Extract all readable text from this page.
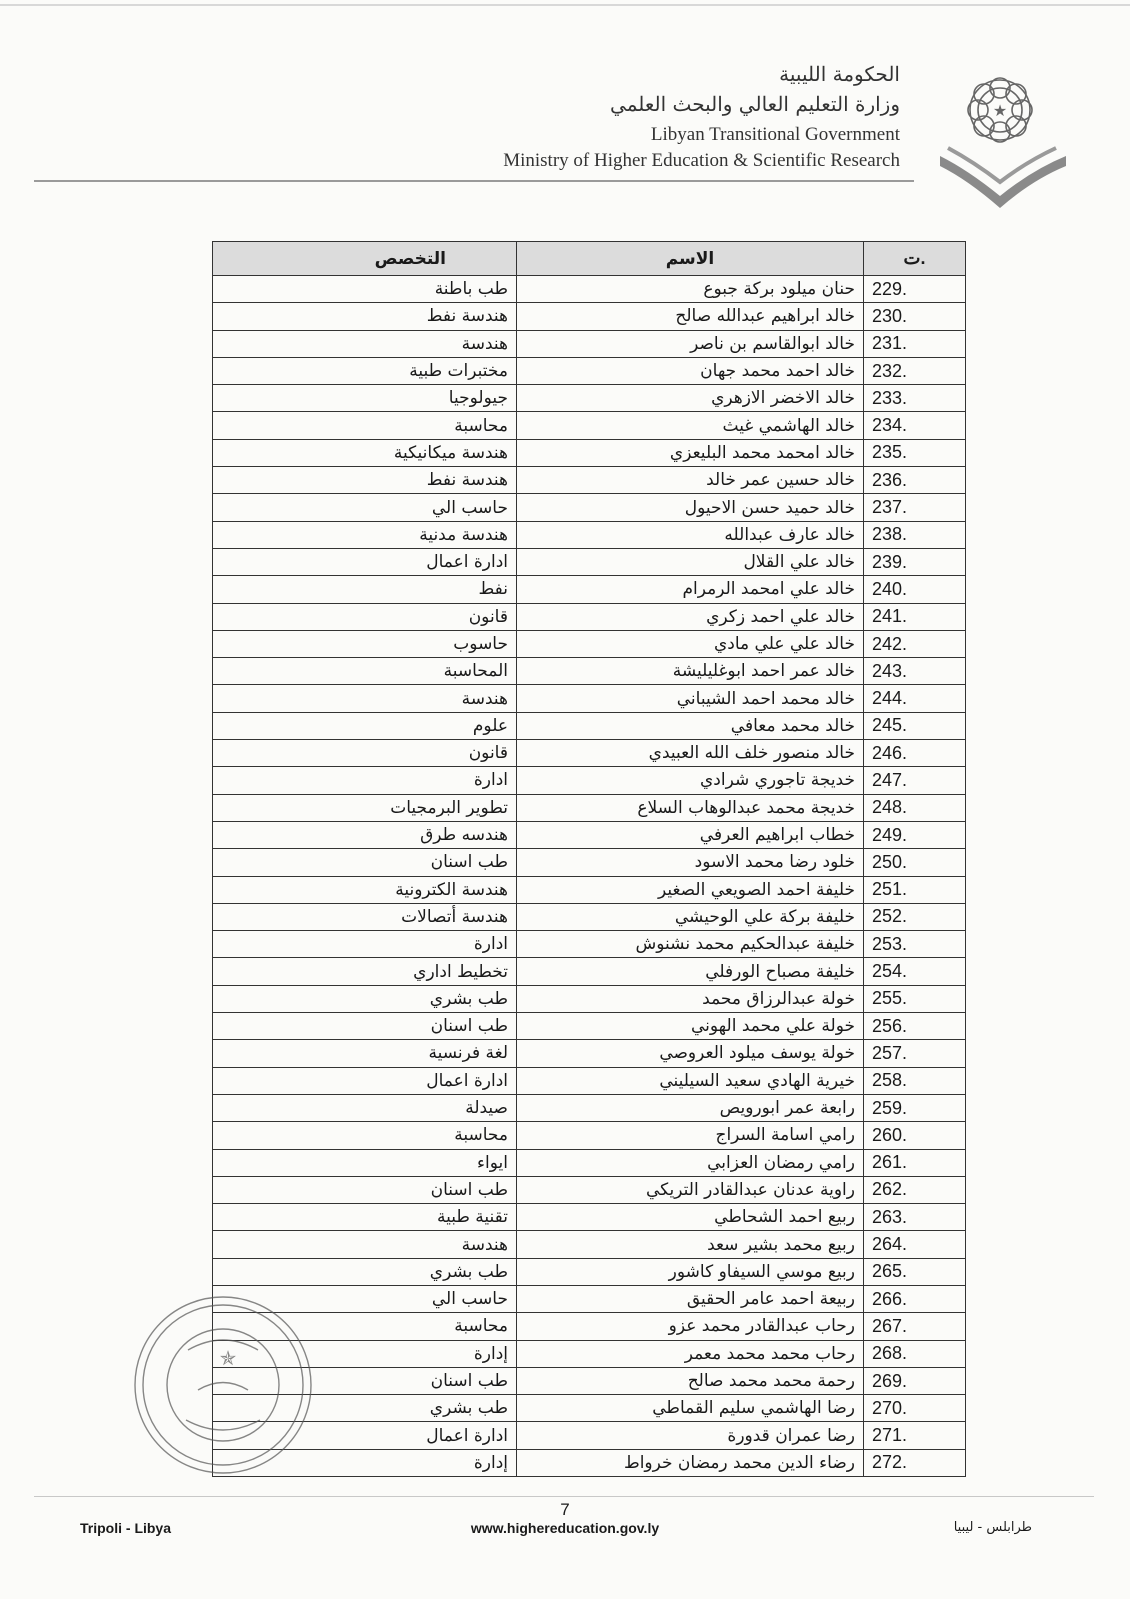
الحكومة الليبية
وزارة التعليم العالي والبحث العلمي
Libyan Transitional Government
Ministry of Higher Education & Scientific Research
★
التخصص	الاسم	ت.
طب باطنة	حنان ميلود بركة جبوع	229.
هندسة نفط	خالد ابراهيم عبدالله صالح	230.
هندسة	خالد ابوالقاسم بن ناصر	231.
مختبرات طبية	خالد احمد محمد جهان	232.
جيولوجيا	خالد الاخضر الازهري	233.
محاسبة	خالد الهاشمي غيث	234.
هندسة ميكانيكية	خالد امحمد محمد البليعزي	235.
هندسة نفط	خالد حسين عمر خالد	236.
حاسب الي	خالد حميد حسن الاحيول	237.
هندسة مدنية	خالد عارف عبدالله	238.
ادارة اعمال	خالد علي القلال	239.
نفط	خالد علي امحمد الرمرام	240.
قانون	خالد علي احمد زكري	241.
حاسوب	خالد علي علي مادي	242.
المحاسبة	خالد عمر احمد ابوغليليشة	243.
هندسة	خالد محمد احمد الشيباني	244.
علوم	خالد محمد معافي	245.
قانون	خالد منصور خلف الله العبيدي	246.
ادارة	خديجة تاجوري شرادي	247.
تطوير البرمجيات	خديجة محمد عبدالوهاب السلاع	248.
هندسه طرق	خطاب ابراهيم العرفي	249.
طب اسنان	خلود رضا محمد الاسود	250.
هندسة الكترونية	خليفة احمد الصويعي الصغير	251.
هندسة أتصالات	خليفة بركة علي الوحيشي	252.
ادارة	خليفة عبدالحكيم محمد نشنوش	253.
تخطيط اداري	خليفة مصباح الورفلي	254.
طب بشري	خولة عبدالرزاق محمد	255.
طب اسنان	خولة علي محمد الهوني	256.
لغة فرنسية	خولة يوسف ميلود العروصي	257.
ادارة اعمال	خيرية الهادي سعيد السيليني	258.
صيدلة	رابعة عمر ابورويص	259.
محاسبة	رامي اسامة السراج	260.
ايواء	رامي رمضان العزابي	261.
طب اسنان	راوية عدنان عبدالقادر التريكي	262.
تقنية طبية	ربيع احمد الشحاطي	263.
هندسة	ربيع محمد بشير سعد	264.
طب بشري	ربيع موسي السيفاو كاشور	265.
حاسب الي	ربيعة احمد عامر الحقيق	266.
محاسبة	رحاب عبدالقادر محمد عزو	267.
إدارة	رحاب محمد محمد معمر	268.
طب اسنان	رحمة محمد محمد صالح	269.
طب بشري	رضا الهاشمي سليم القماطي	270.
ادارة اعمال	رضا عمران قدورة	271.
إدارة	رضاء الدين محمد رمضان خرواط	272.
✯
7
Tripoli - Libya	www.highereducation.gov.ly	طرابلس - ليبيا
